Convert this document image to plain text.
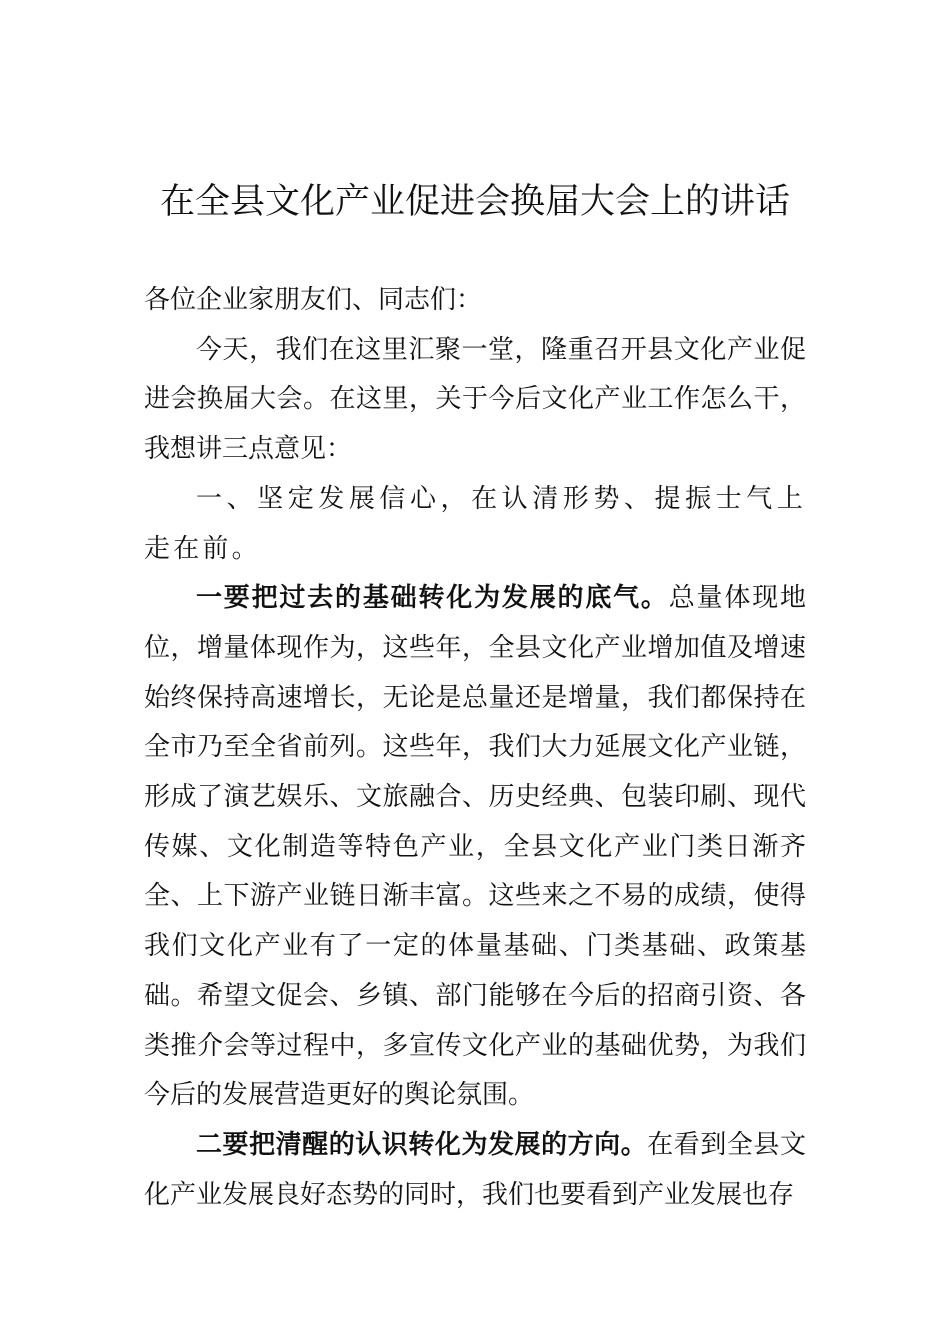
在全县文化产业促进会换届大会上的讲话

各位企业家朋友们、同志们：

今天，我们在这里汇聚一堂，隆重召开县文化产业促进会换届大会。在这里，关于今后文化产业工作怎么干，我想讲三点意见：

一、坚定发展信心，在认清形势、提振士气上走在前。

一要把过去的基础转化为发展的底气。总量体现地位，增量体现作为，这些年，全县文化产业增加值及增速始终保持高速增长，无论是总量还是增量，我们都保持在全市乃至全省前列。这些年，我们大力延展文化产业链，形成了演艺娱乐、文旅融合、历史经典、包装印刷、现代传媒、文化制造等特色产业，全县文化产业门类日渐齐全、上下游产业链日渐丰富。这些来之不易的成绩，使得我们文化产业有了一定的体量基础、门类基础、政策基础。希望文促会、乡镇、部门能够在今后的招商引资、各类推介会等过程中，多宣传文化产业的基础优势，为我们今后的发展营造更好的舆论氛围。

二要把清醒的认识转化为发展的方向。在看到全县文化产业发展良好态势的同时，我们也要看到产业发展也存
